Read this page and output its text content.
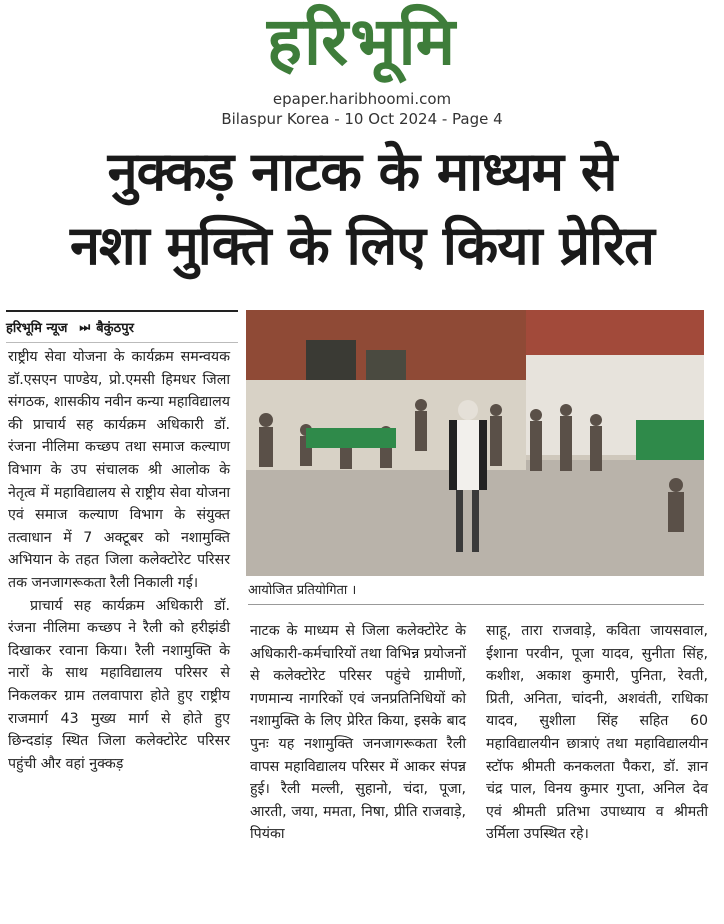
हरिभूमि
epaper.haribhoomi.com
Bilaspur Korea - 10 Oct 2024 - Page 4
नुक्कड़ नाटक के माध्यम से
नशा मुक्ति के लिए किया प्रेरित
हरिभूमि न्यूज ⏭ बैकुंठपुर

राष्ट्रीय सेवा योजना के कार्यक्रम समन्वयक डॉ.एसएन पाण्डेय, प्रो.एमसी हिमधर जिला संगठक, शासकीय नवीन कन्या महाविद्यालय की प्राचार्य सह कार्यक्रम अधिकारी डॉ. रंजना नीलिमा कच्छप तथा समाज कल्याण विभाग के उप संचालक श्री आलोक के नेतृत्व में महाविद्यालय से राष्ट्रीय सेवा योजना एवं समाज कल्याण विभाग के संयुक्त तत्वाधान में 7 अक्टूबर को नशामुक्ति अभियान के तहत जिला कलेक्टोरेट परिसर तक जनजागरूकता रैली निकाली गई।

प्राचार्य सह कार्यक्रम अधिकारी डॉ. रंजना नीलिमा कच्छप ने रैली को हरीझंडी दिखाकर रवाना किया। रैली नशामुक्ति के नारों के साथ महाविद्यालय परिसर से निकलकर ग्राम तलवापारा होते हुए राष्ट्रीय राजमार्ग 43 मुख्य मार्ग से होते हुए छिन्दडांड़ स्थित जिला कलेक्टोरेट परिसर पहुंची और वहां नुक्कड़

आयोजित प्रतियोगिता ।

नाटक के माध्यम से जिला कलेक्टोरेट के अधिकारी-कर्मचारियों तथा विभिन्न प्रयोजनों से कलेक्टोरेट परिसर पहुंचे ग्रामीणों, गणमान्य नागरिकों एवं जनप्रतिनिधियों को नशामुक्ति के लिए प्रेरित किया, इसके बाद पुनः यह नशामुक्ति जनजागरूकता रैली वापस महाविद्यालय परिसर में आकर संपन्न हुई। रैली मल्ली, सुहानो, चंदा, पूजा, आरती, जया, ममता, निषा, प्रीति राजवाड़े, पियंका

साहू, तारा राजवाड़े, कविता जायसवाल, ईशाना परवीन, पूजा यादव, सुनीता सिंह, कशीश, अकाश कुमारी, पुनिता, रेवती, प्रिती, अनिता, चांदनी, अशवंती, राधिका यादव, सुशीला सिंह सहित 60 महाविद्यालयीन छात्राएं तथा महाविद्यालयीन स्टॉफ श्रीमती कनकलता पैकरा, डॉ. ज्ञान चंद्र पाल, विनय कुमार गुप्ता, अनिल देव एवं श्रीमती प्रतिभा उपाध्याय व श्रीमती उर्मिला उपस्थित रहे।
